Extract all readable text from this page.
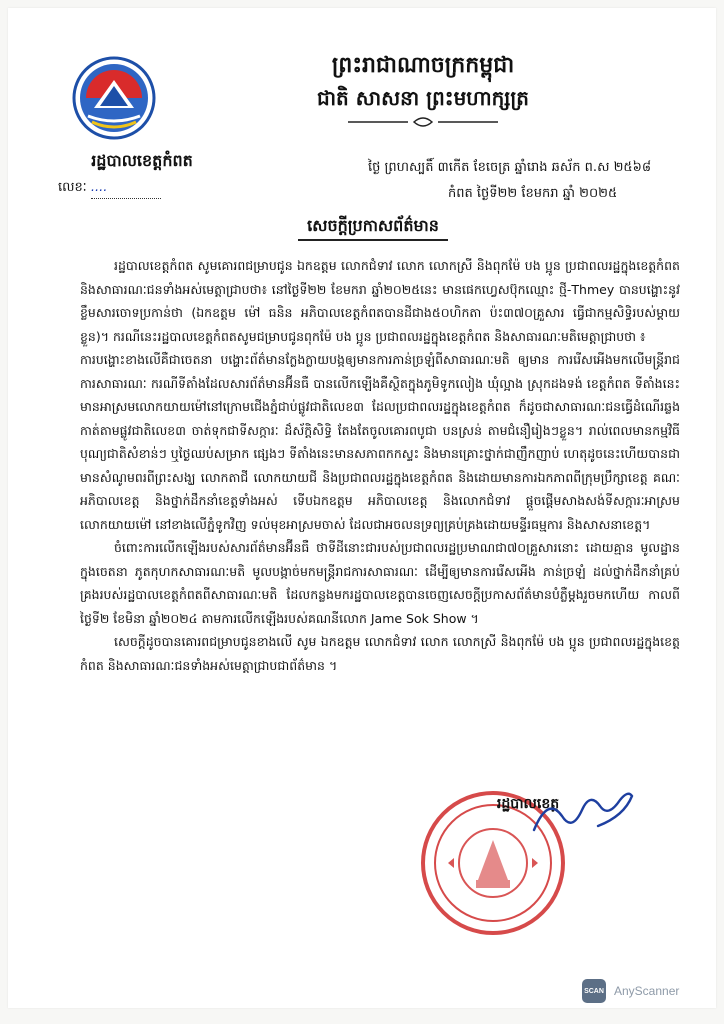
ព្រះរាជាណាចក្រកម្ពុជា
ជាតិ សាសនា ព្រះមហាក្សត្រ
រដ្ឋបាលខេត្តកំពត
លេខៈ ....
ថ្ងៃ ព្រហស្បតិ៍ ៣កើត ខែចេត្រ ឆ្នាំរោង ឆស័ក ព.ស ២៥៦៨
កំពត ថ្ងៃទី២២ ខែមករា ឆ្នាំ ២០២៥
សេចក្ដីប្រកាសព័ត៌មាន

រដ្ឋបាលខេត្តកំពត សូមគោរពជម្រាបជូន ឯកឧត្តម លោកជំទាវ លោក លោកស្រី និងពុកម៉ែ បង ប្អូន ប្រជាពលរដ្ឋក្នុងខេត្តកំពត និងសាធារណៈជនទាំងអស់មេត្តាជ្រាបថា៖ នៅថ្ងៃទី២២ ខែមករា ឆ្នាំ២០២៥នេះ មានផេកហ្វេសប៊ុកឈ្មោះ ថ្មី-Thmey បានបង្ហោះនូវខ្លឹមសារចោទប្រកាន់ថា (ឯកឧត្តម ម៉ៅ ធនិន អភិបាលខេត្តកំពតបានដីជាង៥០ហិកតា ប៉ះ៣៧០គ្រួសារ ធ្វើជាកម្មសិទ្ធិរបស់ម្ដាយខ្លួន)។ ករណីនេះរដ្ឋបាលខេត្តកំពតសូមជម្រាបជូនពុកម៉ែ បង ប្អូន ប្រជាពលរដ្ឋក្នុងខេត្តកំពត និងសាធារណៈមតិមេត្តាជ្រាបថា ៖

ការបង្ហោះខាងលើគឺជាចេតនា បង្ហោះព័ត៌មានក្លែងក្លាយបង្កឲ្យមានការភាន់ច្រឡំពីសាធារណៈមតិ ឲ្យមាន ការរើសអើងមកលើមន្ត្រីរាជការសាធារណៈ ករណីទីតាំងដែលសារព័ត៌មានអ៊ីនធឺ បានលើកឡើងគឺស្ថិតក្នុងភូមិទូកលៀង ឃុំល្អាង ស្រុកដងទង់ ខេត្តកំពត ទីតាំងនេះមានអាស្រមលោកយាយម៉ៅនៅក្រោមជើងភ្នំជាប់ផ្លូវជាតិលេខ៣ ដែលប្រជាពលរដ្ឋក្នុងខេត្តកំពត ក៏ដូចជាសាធារណៈជនធ្វើដំណើរឆ្លងកាត់តាមផ្លូវជាតិលេខ៣ ចាត់ទុកជាទីសក្ការៈ ដ៏ស័ក្ដិសិទ្ធិ តែងតែចូលគោរពបូជា បនស្រន់ តាមជំនឿរៀងៗខ្លួន។ រាល់ពេលមានកម្មវិធីបុណ្យជាតិសំខាន់ៗ ឬថ្ងៃឈប់សម្រាក ផ្សេងៗ ទីតាំងនេះមានសភាពកកស្ទះ និងមានគ្រោះថ្នាក់ជាញឹកញាប់ ហេតុដូចនេះហើយបានជាមានសំណូមពរពីព្រះសង្ឃ លោកតាជី លោកយាយជី និងប្រជាពលរដ្ឋក្នុងខេត្តកំពត និងដោយមានការឯកភាពពីក្រុមប្រឹក្សាខេត្ត គណៈអភិបាលខេត្ត និងថ្នាក់ដឹកនាំខេត្តទាំងអស់ ទើបឯកឧត្តម អភិបាលខេត្ត និងលោកជំទាវ ផ្ដួចផ្ដើមសាងសង់ទីសក្ការៈអាស្រមលោកយាយម៉ៅ នៅខាងលើភ្នំទូកវិញ ទល់មុខអាស្រមចាស់ ដែលជាអចលនទ្រព្យគ្រប់គ្រងដោយមន្ទីរធម្មការ និងសាសនាខេត្ត។

ចំពោះការលើកឡើងរបស់សារព័ត៌មានអ៊ីនធឺ ថាទីដីនោះជារបស់ប្រជាពលរដ្ឋប្រមាណជា៧០គ្រួសារនោះ ដោយគ្មាន មូលដ្ឋាន ក្នុងចេតនា ភូតកុហកសាធារណៈមតិ មូលបង្កាច់មកមន្ត្រីរាជការសាធារណៈ ដើម្បីឲ្យមានការរើសអើង ភាន់ច្រឡំ ដល់ថ្នាក់ដឹកនាំគ្រប់គ្រងរបស់រដ្ឋបាលខេត្តកំពតពីសាធារណៈមតិ ដែលកន្លងមករដ្ឋបាលខេត្តបានចេញសេចក្ដីប្រកាសព័ត៌មានបំភ្លឺម្ដងរួចមកហើយ កាលពីថ្ងៃទី២ ខែមិនា ឆ្នាំ២០២៤ តាមការលើកឡើងរបស់គណនីលោក Jame Sok Show ។

សេចក្ដីដូចបានគោរពជម្រាបជូនខាងលើ សូម ឯកឧត្តម លោកជំទាវ លោក លោកស្រី និងពុកម៉ែ បង ប្អូន ប្រជាពលរដ្ឋក្នុងខេត្តកំពត និងសាធារណៈជនទាំងអស់មេត្តាជ្រាបជាព័ត៌មាន ។

រដ្ឋបាលខេត្ត
SCAN AnyScanner
